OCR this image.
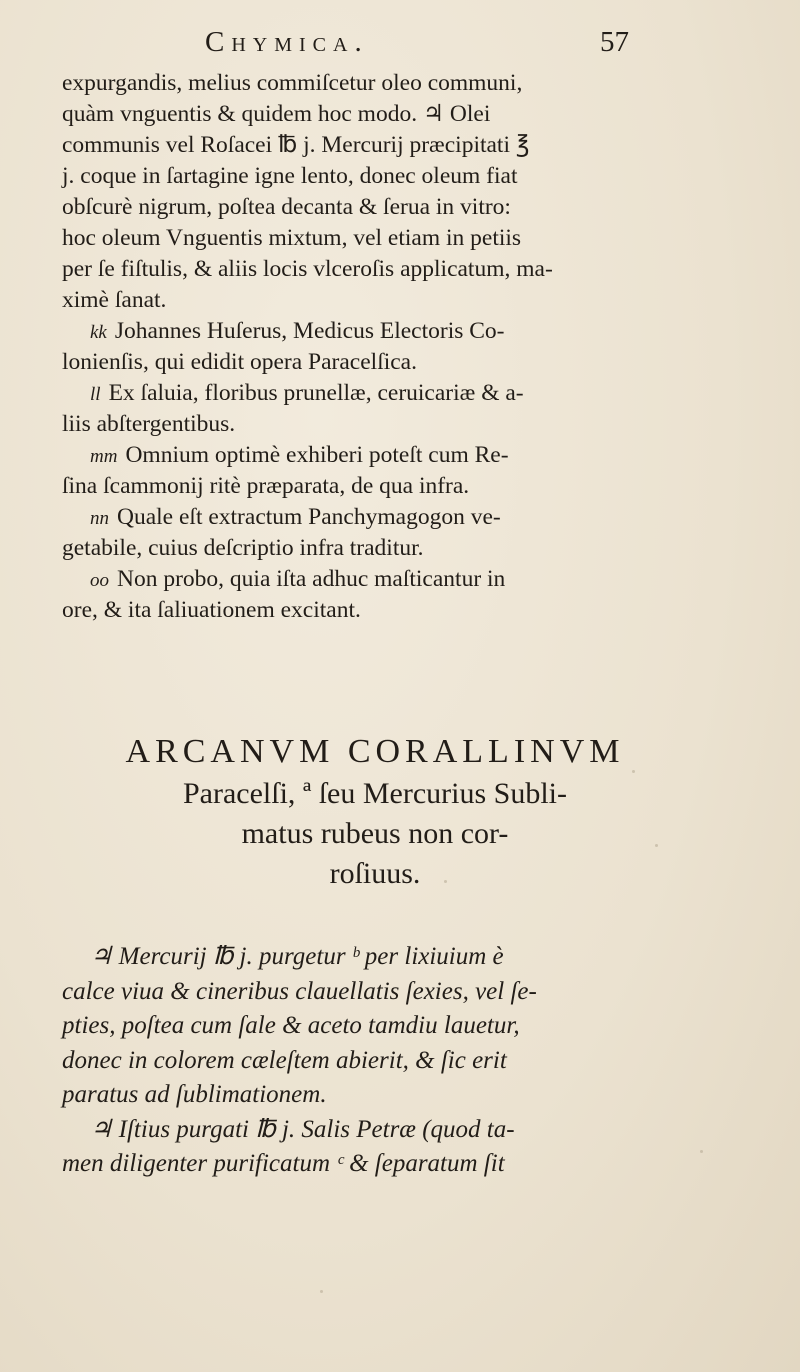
Chymica.	57
expurgandis, melius commiſcetur oleo communi,
quàm vnguentis & quidem hoc modo. ♃ Olei
communis vel Roſacei ℔ j. Mercurij præcipitati ℥
j. coque in ſartagine igne lento, donec oleum fiat
obſcurè nigrum, poſtea decanta & ſerua in vitro:
hoc oleum Vnguentis mixtum, vel etiam in petiis
per ſe fiſtulis, & aliis locis vlceroſis applicatum, ma-
ximè ſanat.
kk Johannes Huſerus, Medicus Electoris Co-
lonienſis, qui edidit opera Paracelſica.
ll Ex ſaluia, floribus prunellæ, ceruicariæ & a-
liis abſtergentibus.
mm Omnium optimè exhiberi poteſt cum Re-
ſina ſcammonij ritè præparata, de qua infra.
nn Quale eſt extractum Panchymagogon ve-
getabile, cuius deſcriptio infra traditur.
oo Non probo, quia iſta adhuc maſticantur in
ore, & ita ſaliuationem excitant.
ARCANVM CORALLINVM
Paracelſi, ª ſeu Mercurius Subli-
matus rubeus non cor-
roſiuus.
♃ Mercurij ℔ j. purgetur ᵇ per lixiuium è
calce viua & cineribus clauellatis ſexies, vel ſe-
pties, poſtea cum ſale & aceto tamdiu lauetur,
donec in colorem cæleſtem abierit, & ſic erit
paratus ad ſublimationem.
♃ Iſtius purgati ℔ j. Salis Petræ (quod ta-
men diligenter purificatum ᶜ & ſeparatum ſit
